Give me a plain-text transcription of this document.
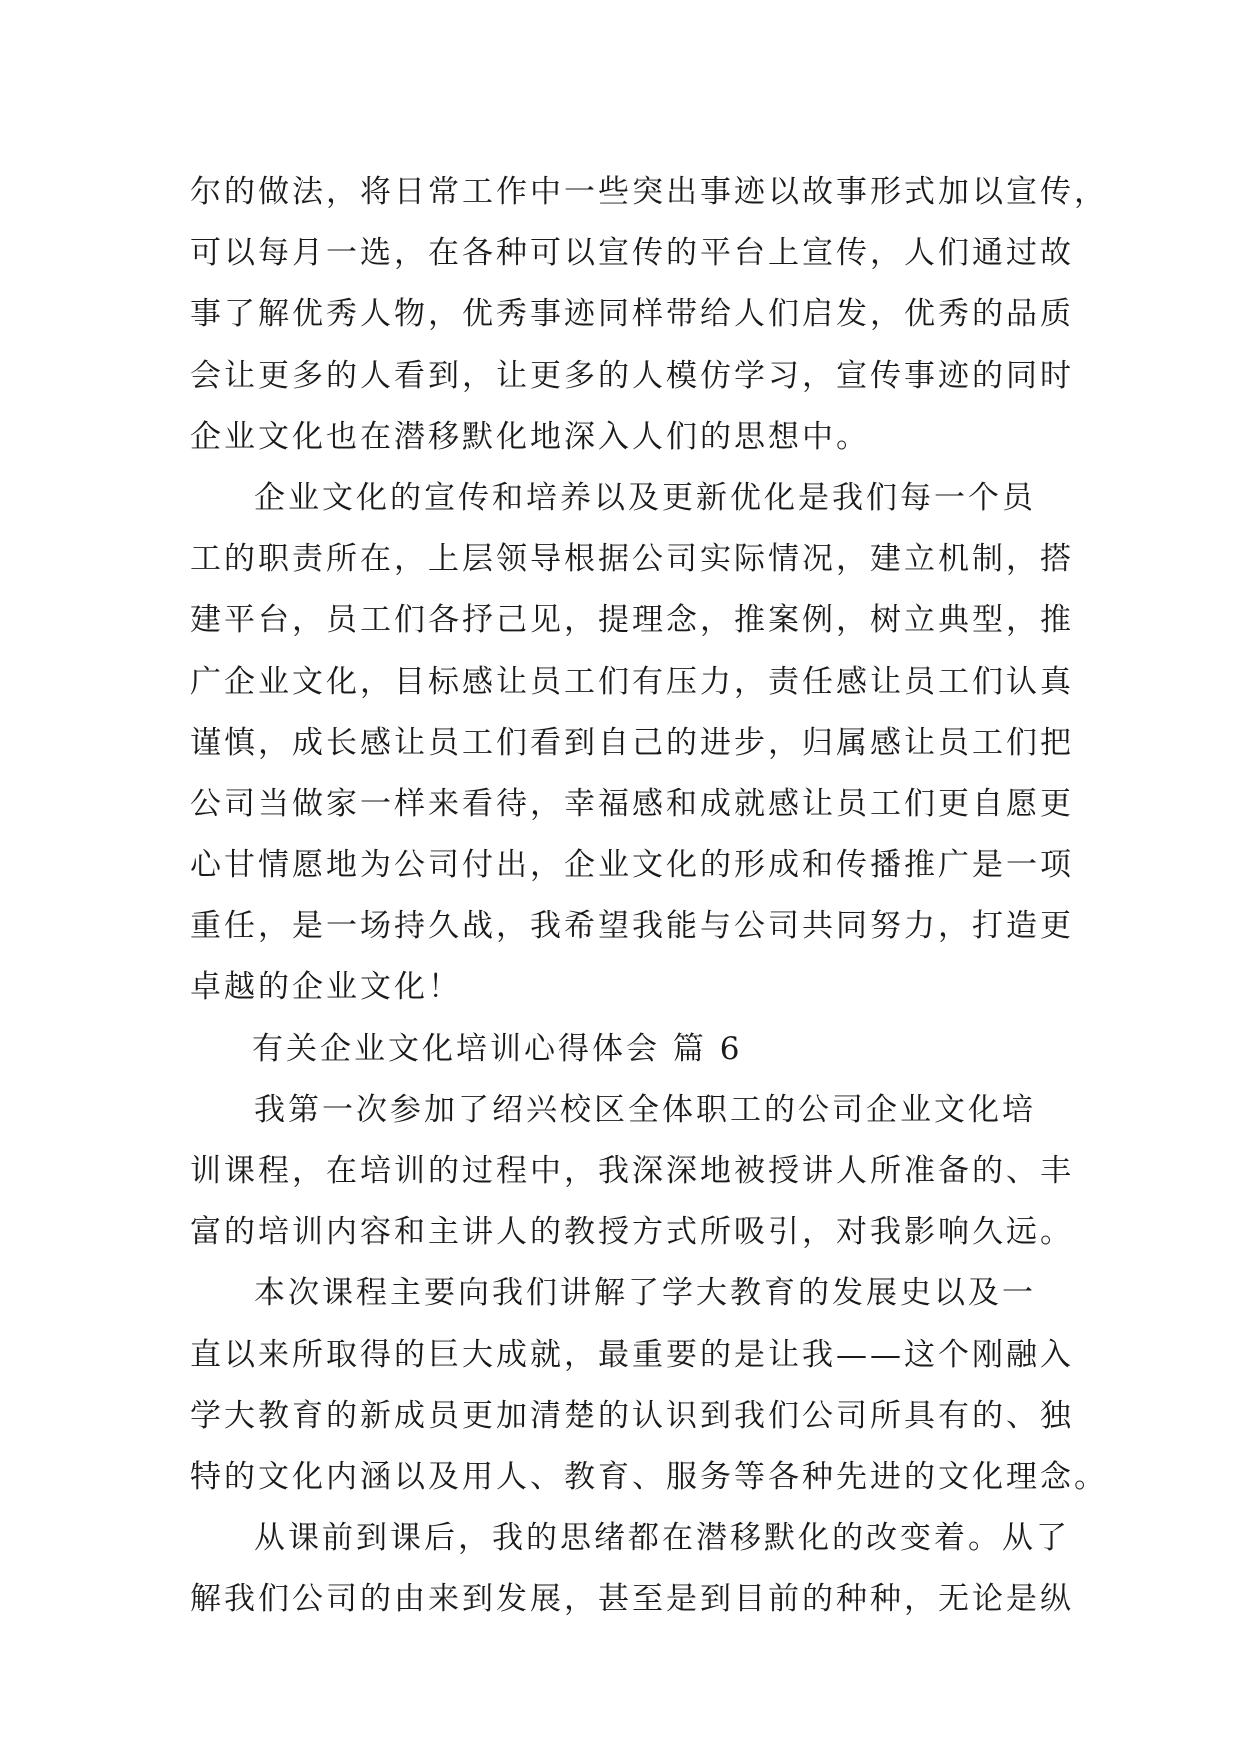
尔的做法，将日常工作中一些突出事迹以故事形式加以宣传，
可以每月一选，在各种可以宣传的平台上宣传，人们通过故
事了解优秀人物，优秀事迹同样带给人们启发，优秀的品质
会让更多的人看到，让更多的人模仿学习，宣传事迹的同时
企业文化也在潜移默化地深入人们的思想中。
企业文化的宣传和培养以及更新优化是我们每一个员
工的职责所在，上层领导根据公司实际情况，建立机制，搭
建平台，员工们各抒己见，提理念，推案例，树立典型，推
广企业文化，目标感让员工们有压力，责任感让员工们认真
谨慎，成长感让员工们看到自己的进步，归属感让员工们把
公司当做家一样来看待，幸福感和成就感让员工们更自愿更
心甘情愿地为公司付出，企业文化的形成和传播推广是一项
重任，是一场持久战，我希望我能与公司共同努力，打造更
卓越的企业文化！
有关企业文化培训心得体会 篇 6
我第一次参加了绍兴校区全体职工的公司企业文化培
训课程，在培训的过程中，我深深地被授讲人所准备的、丰
富的培训内容和主讲人的教授方式所吸引，对我影响久远。
本次课程主要向我们讲解了学大教育的发展史以及一
直以来所取得的巨大成就，最重要的是让我——这个刚融入
学大教育的新成员更加清楚的认识到我们公司所具有的、独
特的文化内涵以及用人、教育、服务等各种先进的文化理念。
从课前到课后，我的思绪都在潜移默化的改变着。从了
解我们公司的由来到发展，甚至是到目前的种种，无论是纵
